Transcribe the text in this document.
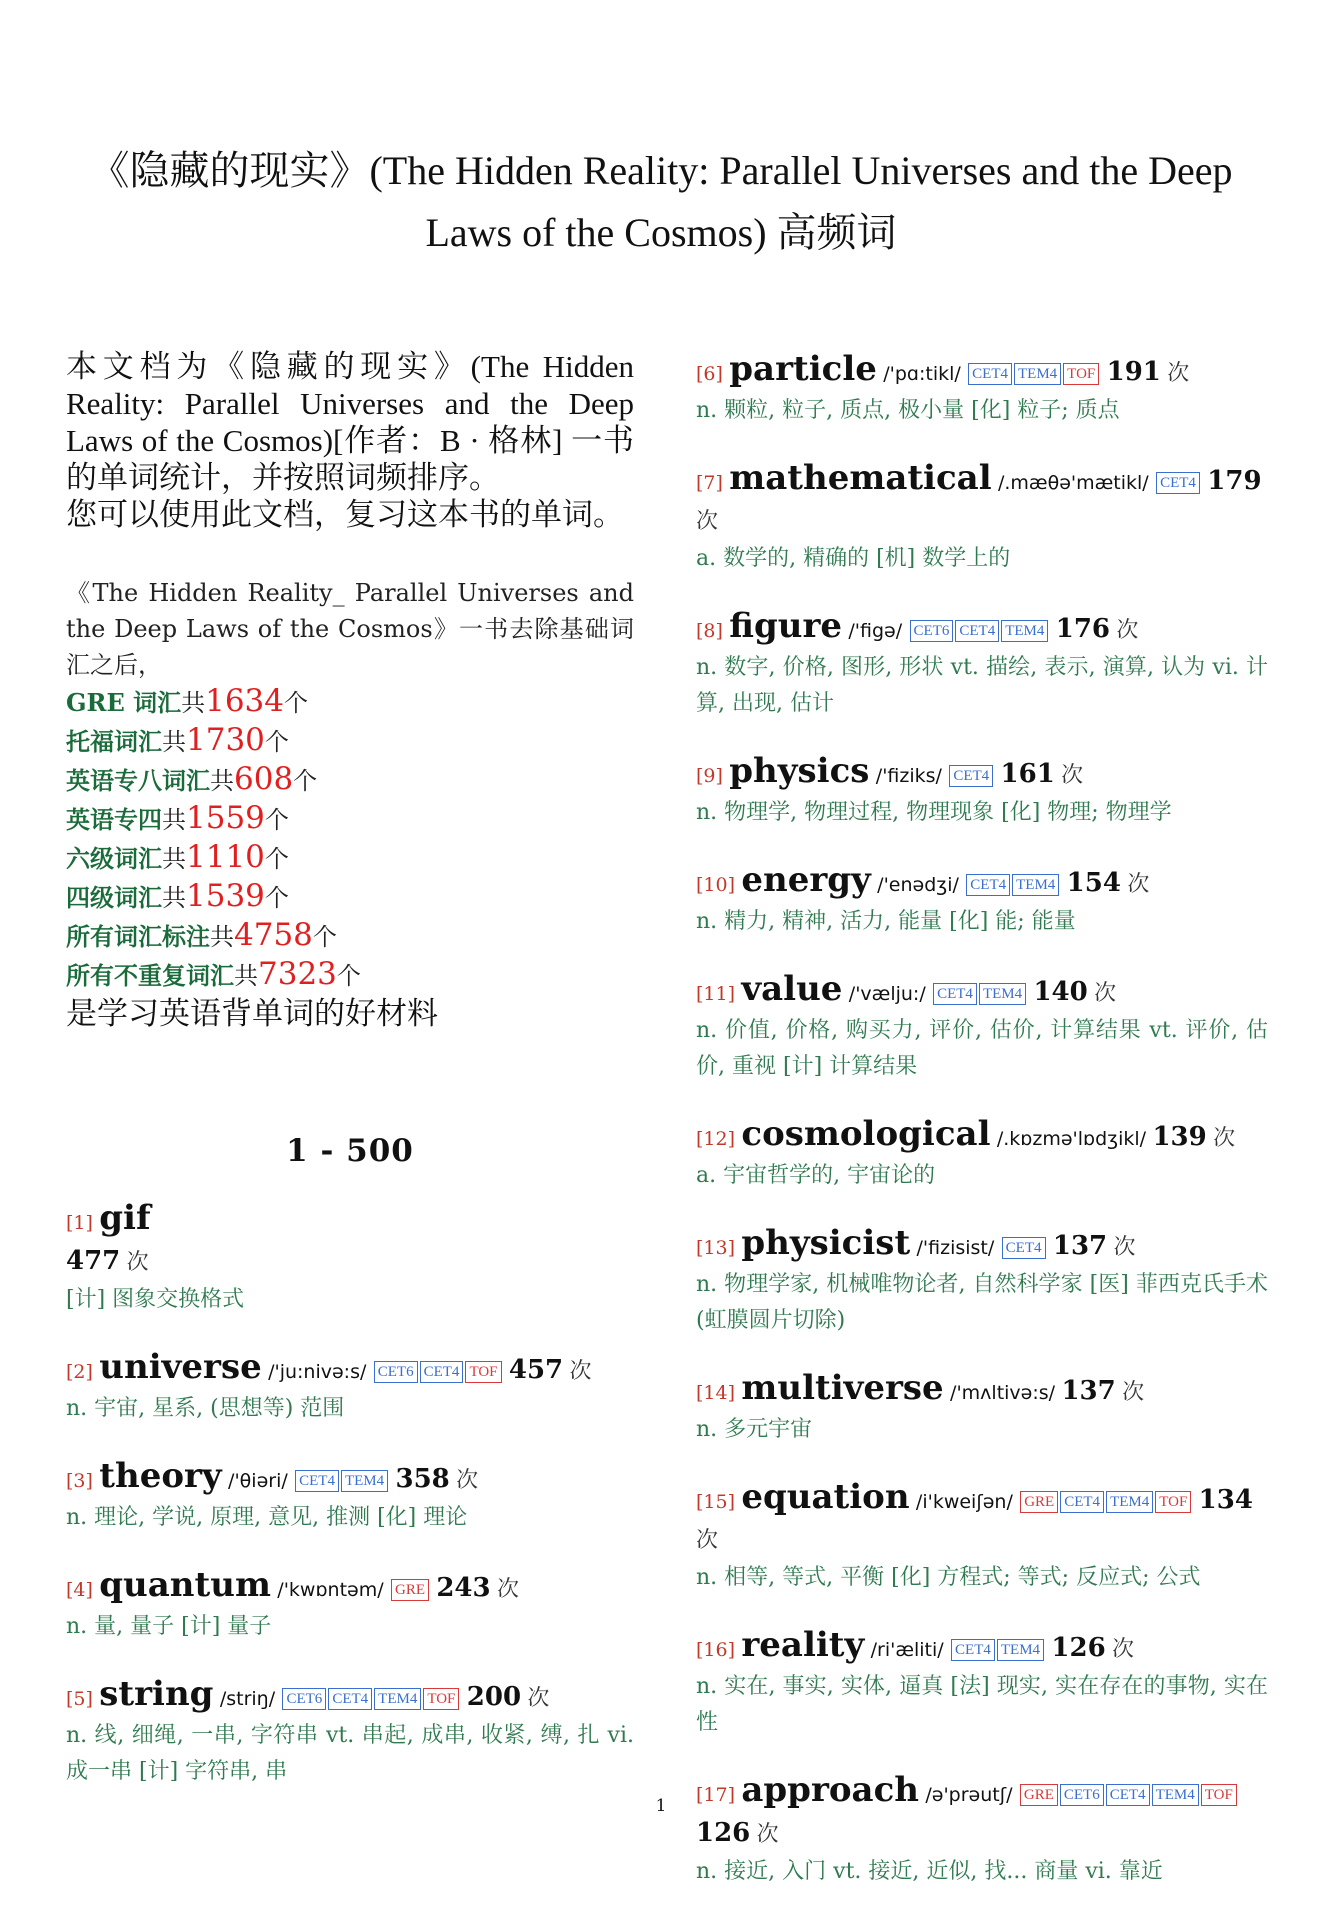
《隐藏的现实》(The Hidden Reality: Parallel Universes and the Deep Laws of the Cosmos) 高频词
本文档为《隐藏的现实》(The Hidden Reality: Parallel Universes and the Deep Laws of the Cosmos)[作者：B · 格林] 一书的单词统计，并按照词频排序。
您可以使用此文档，复习这本书的单词。
《The Hidden Reality_ Parallel Universes and the Deep Laws of the Cosmos》一书去除基础词汇之后，
GRE 词汇共1634个
托福词汇共1730个
英语专八词汇共608个
英语专四共1559个
六级词汇共1110个
四级词汇共1539个
所有词汇标注共4758个
所有不重复词汇共7323个
是学习英语背单词的好材料
1 - 500
[1] gif
477 次
[计] 图象交换格式
[2] universe /'ju:nivə:s/ CET6 CET4 TOF 457 次
n. 宇宙, 星系, (思想等) 范围
[3] theory /'θiəri/ CET4 TEM4 358 次
n. 理论, 学说, 原理, 意见, 推测 [化] 理论
[4] quantum /'kwɒntəm/ GRE 243 次
n. 量, 量子 [计] 量子
[5] string /striŋ/ CET6 CET4 TEM4 TOF 200 次
n. 线, 细绳, 一串, 字符串 vt. 串起, 成串, 收紧, 缚, 扎 vi. 成一串 [计] 字符串, 串
[6] particle /'pɑ:tikl/ CET4 TEM4 TOF 191 次
n. 颗粒, 粒子, 质点, 极小量 [化] 粒子; 质点
[7] mathematical /.mæθə'mætikl/ CET4 179 次
a. 数学的, 精确的 [机] 数学上的
[8] figure /'figə/ CET6 CET4 TEM4 176 次
n. 数字, 价格, 图形, 形状 vt. 描绘, 表示, 演算, 认为 vi. 计算, 出现, 估计
[9] physics /'fiziks/ CET4 161 次
n. 物理学, 物理过程, 物理现象 [化] 物理; 物理学
[10] energy /'enədʒi/ CET4 TEM4 154 次
n. 精力, 精神, 活力, 能量 [化] 能; 能量
[11] value /'vælju:/ CET4 TEM4 140 次
n. 价值, 价格, 购买力, 评价, 估价, 计算结果 vt. 评价, 估价, 重视 [计] 计算结果
[12] cosmological /.kɒzmə'lɒdʒikl/ 139 次
a. 宇宙哲学的, 宇宙论的
[13] physicist /'fizisist/ CET4 137 次
n. 物理学家, 机械唯物论者, 自然科学家 [医] 菲西克氏手术 (虹膜圆片切除)
[14] multiverse /'mʌltivə:s/ 137 次
n. 多元宇宙
[15] equation /i'kweiʃən/ GRE CET4 TEM4 TOF 134 次
n. 相等, 等式, 平衡 [化] 方程式; 等式; 反应式; 公式
[16] reality /ri'æliti/ CET4 TEM4 126 次
n. 实在, 事实, 实体, 逼真 [法] 现实, 实在存在的事物, 实在性
[17] approach /ə'prəutʃ/ GRE CET6 CET4 TEM4 TOF 126 次
n. 接近, 入门 vt. 接近, 近似, 找... 商量 vi. 靠近
1
